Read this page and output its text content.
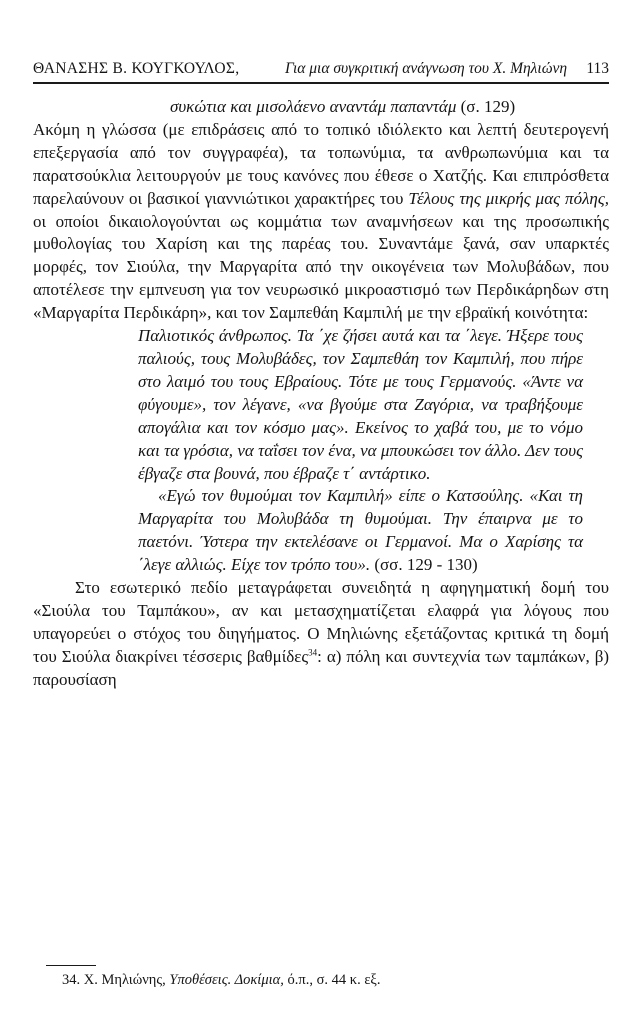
ΘΑΝΑΣΗΣ Β. ΚΟΥΓΚΟΥΛΟΣ,	Για μια συγκριτική ανάγνωση του Χ. Μηλιώνη 113

συκώτια και μισολάενο αναντάμ παπαντάμ (σ. 129)

Ακόμη η γλώσσα (με επιδράσεις από το τοπικό ιδιόλεκτο και λεπτή δευτερογενή επεξεργασία από τον συγγραφέα), τα τοπωνύμια, τα ανθρωπωνύμια και τα παρατσούκλια λειτουργούν με τους κανόνες που έθεσε ο Χατζής. Και επιπρόσθετα παρελαύνουν οι βασικοί γιαννιώτικοι χαρακτήρες του Τέλους της μικρής μας πόλης, οι οποίοι δικαιολογούνται ως κομμάτια των αναμνήσεων και της προσωπικής μυθολογίας του Χαρίση και της παρέας του. Συναντάμε ξανά, σαν υπαρκτές μορφές, τον Σιούλα, την Μαργαρίτα από την οικογένεια των Μολυβάδων, που αποτέλεσε την εμπνευση για τον νευρωσικό μικροαστισμό των Περδικάρηδων στη «Μαργαρίτα Περδικάρη», και τον Σαμπεθάη Καμπιλή με την εβραϊκή κοινότητα:

Παλιοτικός άνθρωπος. Τα ΄χε ζήσει αυτά και τα ΄λεγε. Ήξερε τους παλιούς, τους Μολυβάδες, τον Σαμπεθάη τον Καμπιλή, που πήρε στο λαιμό του τους Εβραίους. Τότε με τους Γερμανούς. «Άντε να φύγουμε», τον λέγανε, «να βγούμε στα Ζαγόρια, να τραβήξουμε απογάλια και τον κόσμο μας». Εκείνος το χαβά του, με το νόμο και τα γρόσια, να ταΐσει τον ένα, να μπουκώσει τον άλλο. Δεν τους έβγαζε στα βουνά, που έβραζε τ΄ αντάρτικο.

«Εγώ τον θυμούμαι τον Καμπιλή» είπε ο Κατσούλης. «Και τη Μαργαρίτα του Μολυβάδα τη θυμούμαι. Την έπαιρνα με το παετόνι. Ύστερα την εκτελέσανε οι Γερμανοί. Μα ο Χαρίσης τα ΄λεγε αλλιώς. Είχε τον τρόπο του». (σσ. 129 - 130)

Στο εσωτερικό πεδίο μεταγράφεται συνειδητά η αφηγηματική δομή του «Σιούλα του Ταμπάκου», αν και μετασχηματίζεται ελαφρά για λόγους που υπαγορεύει ο στόχος του διηγήματος. Ο Μηλιώνης εξετάζοντας κριτικά τη δομή του Σιούλα διακρίνει τέσσερις βαθμίδες$^{34}$: α) πόλη και συντεχνία των ταμπάκων, β) παρουσίαση

34. Χ. Μηλιώνης, Υποθέσεις. Δοκίμια, ό.π., σ. 44 κ. εξ.
